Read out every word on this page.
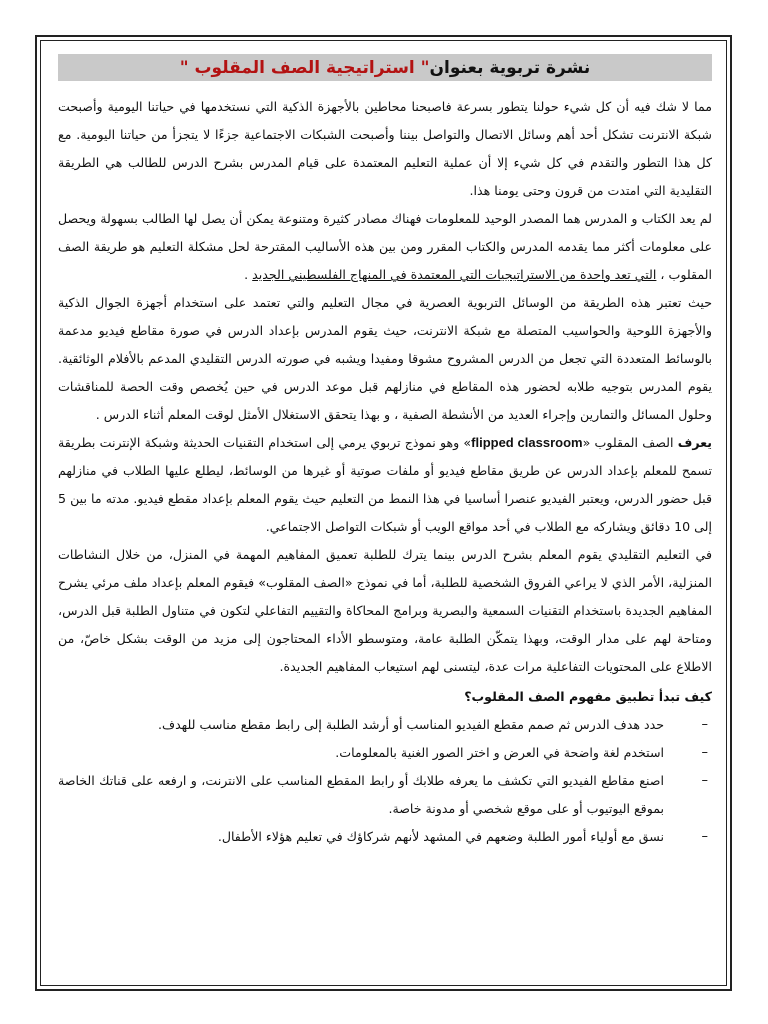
نشرة تربوية بعنوان
" استراتيجية الصف المقلوب "

مما لا شك فيه أن كل شيء حولنا يتطور بسرعة فاصبحنا محاطين بالأجهزة الذكية التي نستخدمها في حياتنا اليومية وأصبحت شبكة الانترنت تشكل أحد أهم وسائل الاتصال والتواصل بيننا وأصبحت الشبكات الاجتماعية جزءًا لا يتجزأ من حياتنا اليومية. مع كل هذا التطور والتقدم في كل شيء إلا أن عملية التعليم المعتمدة على قيام المدرس بشرح الدرس للطالب هي الطريقة التقليدية التي امتدت من قرون وحتى يومنا هذا.

لم يعد الكتاب و المدرس هما المصدر الوحيد للمعلومات فهناك مصادر كثيرة ومتنوعة يمكن أن يصل لها الطالب بسهولة ويحصل على معلومات أكثر مما يقدمه المدرس والكتاب المقرر ومن بين هذه الأساليب المقترحة لحل مشكلة التعليم هو طريقة الصف المقلوب ، التي تعد واحدة من الاستراتيجيات التي المعتمدة في المنهاج الفلسطيني الجديد .

حيث تعتبر هذه الطريقة من الوسائل التربوية العصرية في مجال التعليم والتي تعتمد على استخدام أجهزة الجوال الذكية والأجهزة اللوحية والحواسيب المتصلة مع شبكة الانترنت، حيث يقوم المدرس بإعداد الدرس في صورة مقاطع فيديو مدعمة بالوسائط المتعددة التي تجعل من الدرس المشروح مشوقا ومفيدا ويشبه في صورته الدرس التقليدي المدعم بالأفلام الوثائقية. يقوم المدرس بتوجيه طلابه لحضور هذه المقاطع في منازلهم قبل موعد الدرس في حين يُخصص وقت الحصة للمناقشات وحلول المسائل والتمارين وإجراء العديد من الأنشطة الصفية ، و بهذا يتحقق الاستغلال الأمثل لوقت المعلم أثناء الدرس .

يعرف الصف المقلوب «flipped classroom» وهو نموذج تربوي يرمي إلى استخدام التقنيات الحديثة وشبكة الإنترنت بطريقة تسمح للمعلم بإعداد الدرس عن طريق مقاطع فيديو أو ملفات صوتية أو غيرها من الوسائط، ليطلع عليها الطلاب في منازلهم قبل حضور الدرس، ويعتبر الفيديو عنصرا أساسيا في هذا النمط من التعليم حيث يقوم المعلم بإعداد مقطع فيديو. مدته ما بين 5 إلى 10 دقائق ويشاركه مع الطلاب في أحد مواقع الويب أو شبكات التواصل الاجتماعي.

في التعليم التقليدي يقوم المعلم بشرح الدرس بينما يترك للطلبة تعميق المفاهيم المهمة في المنزل، من خلال النشاطات المنزلية، الأمر الذي لا يراعي الفروق الشخصية للطلبة، أما في نموذج «الصف المقلوب» فيقوم المعلم بإعداد ملف مرئي يشرح المفاهيم الجديدة باستخدام التقنيات السمعية والبصرية وبرامج المحاكاة والتقييم التفاعلي لتكون في متناول الطلبة قبل الدرس، ومتاحة لهم على مدار الوقت، وبهذا يتمكّن الطلبة عامة، ومتوسطو الأداء المحتاجون إلى مزيد من الوقت بشكل خاصّ، من الاطلاع على المحتويات التفاعلية مرات عدة، ليتسنى لهم استيعاب المفاهيم الجديدة.

كيف تبدأ تطبيق مفهوم الصف المقلوب؟

–
حدد هدف الدرس ثم صمم مقطع الفيديو المناسب أو أرشد الطلبة إلى رابط مقطع مناسب للهدف.
–
استخدم لغة واضحة في العرض و اختر الصور الغنية بالمعلومات.
–
اصنع مقاطع الفيديو التي تكشف ما يعرفه طلابك أو رابط المقطع المناسب على الانترنت، و ارفعه على قناتك الخاصة بموقع اليوتيوب أو على موقع شخصي أو مدونة خاصة.
–
نسق مع أولياء أمور الطلبة وضعهم في المشهد لأنهم شركاؤك في تعليم هؤلاء الأطفال.
